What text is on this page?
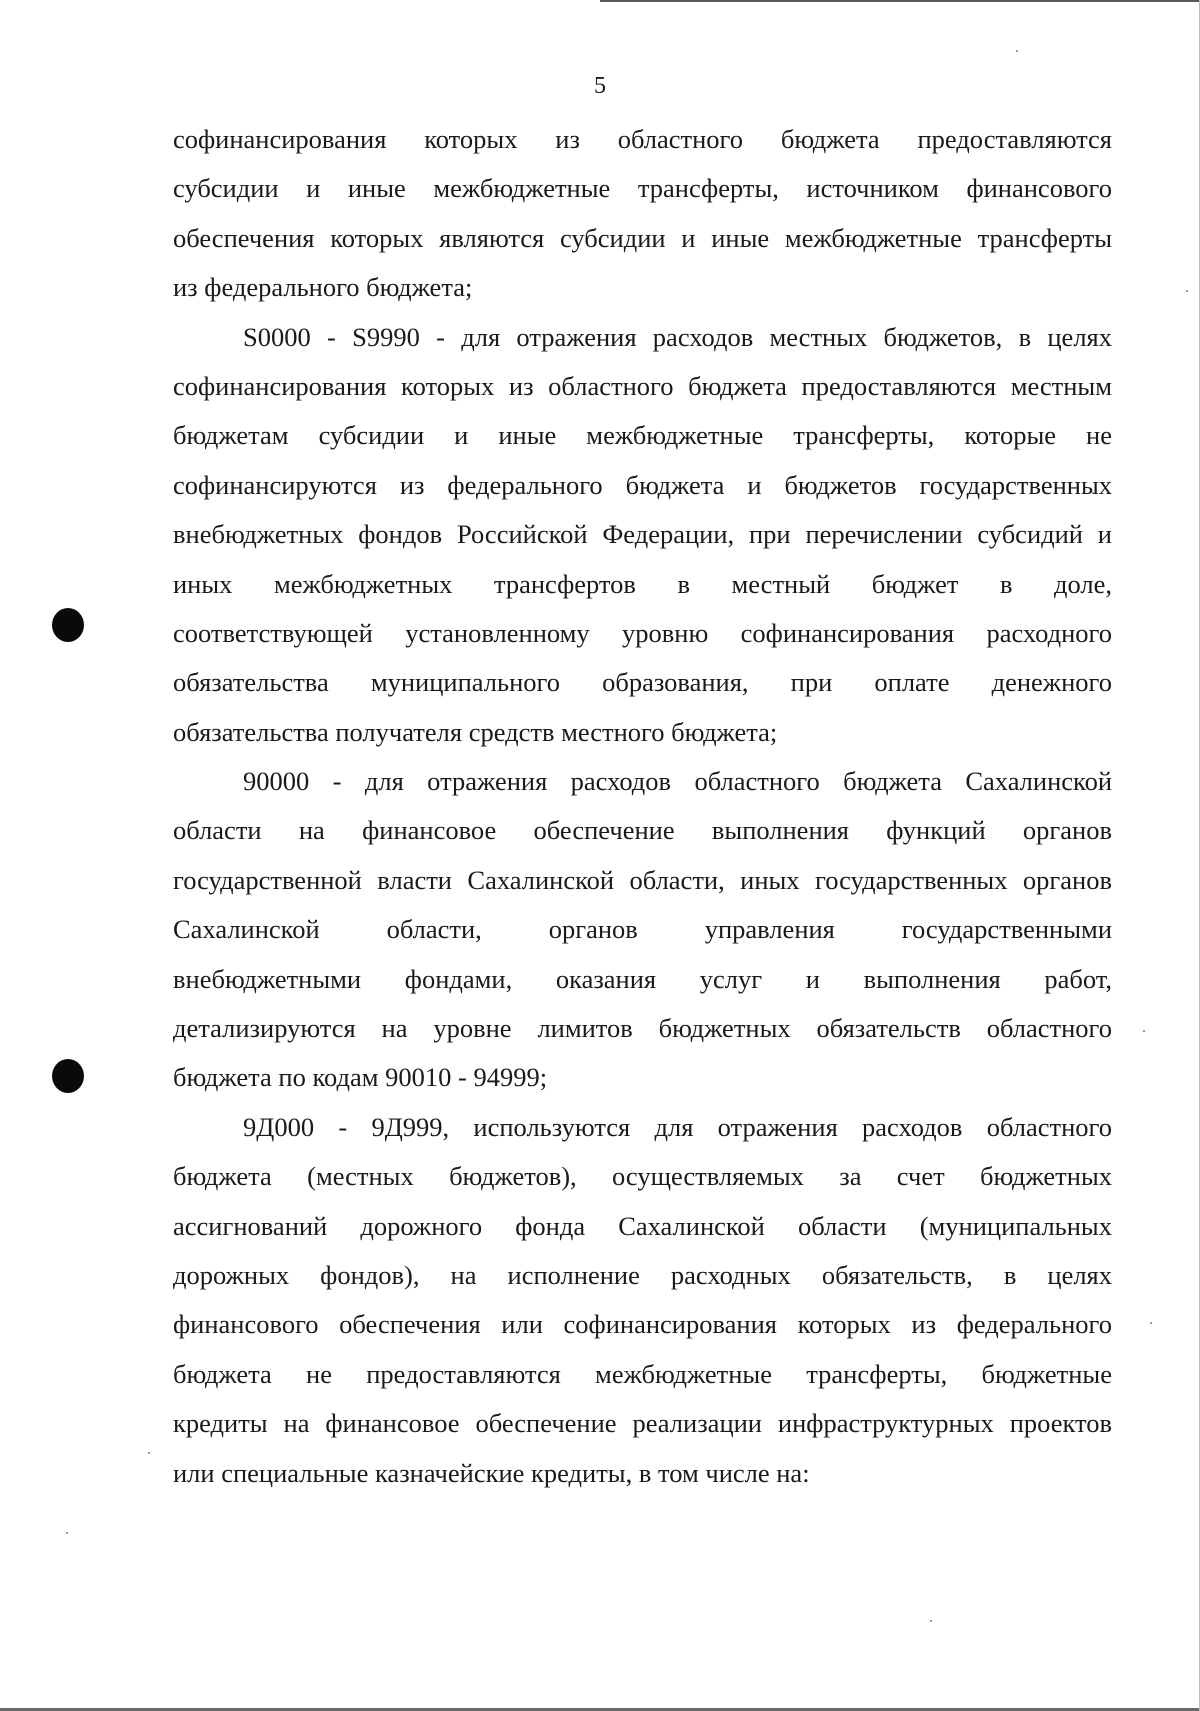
5
софинансирования которых из областного бюджета предоставляются
субсидии и иные межбюджетные трансферты, источником финансового
обеспечения которых являются субсидии и иные межбюджетные трансферты
из федерального бюджета;
S0000 - S9990 - для отражения расходов местных бюджетов, в целях
софинансирования которых из областного бюджета предоставляются местным
бюджетам субсидии и иные межбюджетные трансферты, которые не
софинансируются из федерального бюджета и бюджетов государственных
внебюджетных фондов Российской Федерации, при перечислении субсидий и
иных межбюджетных трансфертов в местный бюджет в доле,
соответствующей установленному уровню софинансирования расходного
обязательства муниципального образования, при оплате денежного
обязательства получателя средств местного бюджета;
90000 - для отражения расходов областного бюджета Сахалинской
области на финансовое обеспечение выполнения функций органов
государственной власти Сахалинской области, иных государственных органов
Сахалинской области, органов управления государственными
внебюджетными фондами, оказания услуг и выполнения работ,
детализируются на уровне лимитов бюджетных обязательств областного
бюджета по кодам 90010 - 94999;
9Д000 - 9Д999, используются для отражения расходов областного
бюджета (местных бюджетов), осуществляемых за счет бюджетных
ассигнований дорожного фонда Сахалинской области (муниципальных
дорожных фондов), на исполнение расходных обязательств, в целях
финансового обеспечения или софинансирования которых из федерального
бюджета не предоставляются межбюджетные трансферты, бюджетные
кредиты на финансовое обеспечение реализации инфраструктурных проектов
или специальные казначейские кредиты, в том числе на:
